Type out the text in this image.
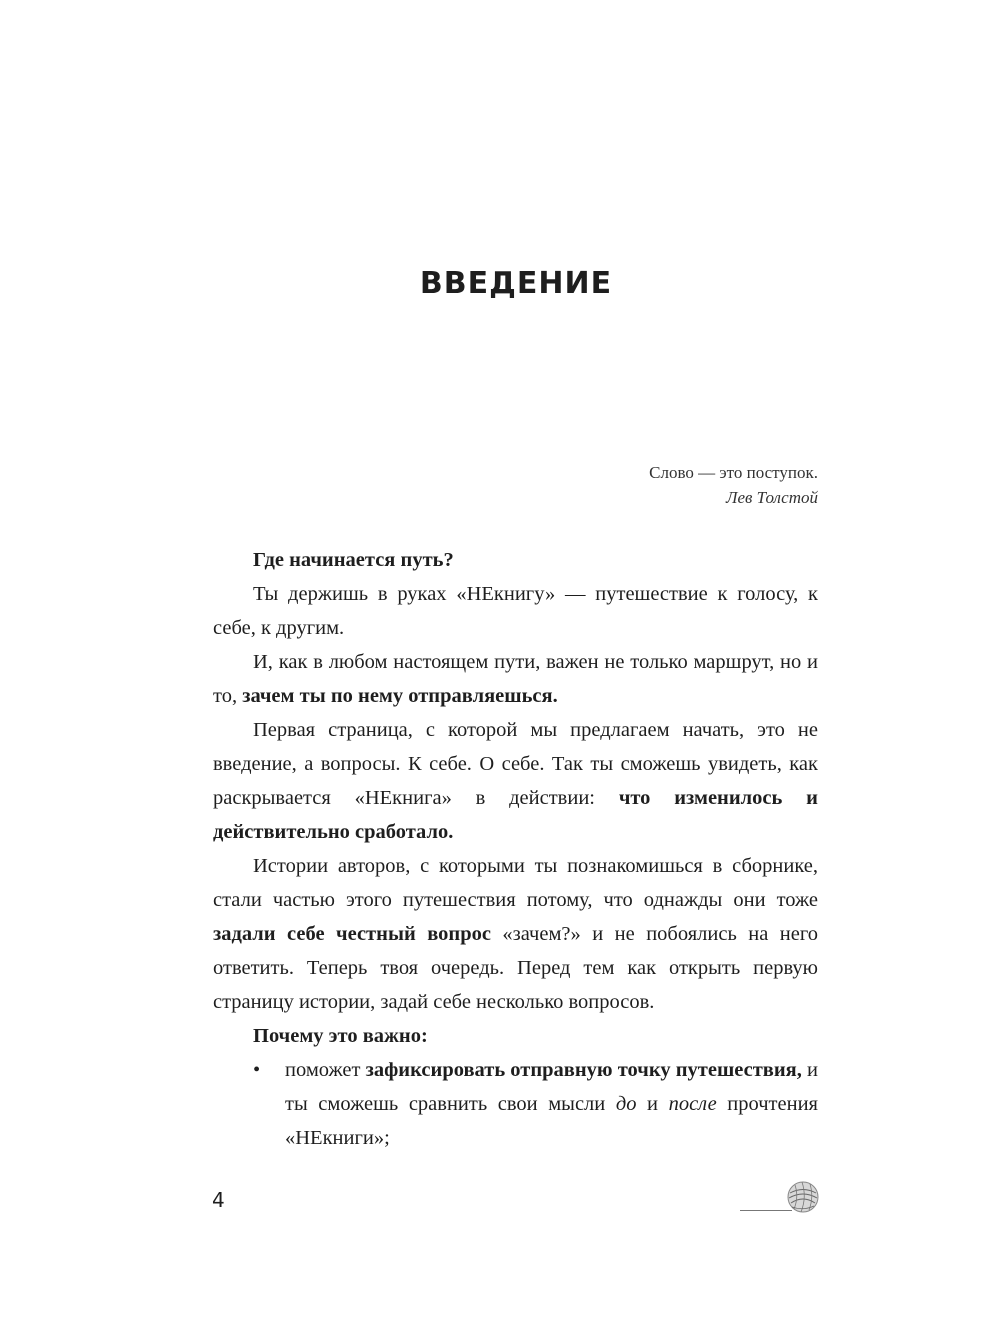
ВВЕДЕНИЕ
Слово — это поступок.
Лев Толстой

Где начинается путь?

Ты держишь в руках «НЕкнигу» — путешествие к голосу, к себе, к другим.

И, как в любом настоящем пути, важен не только маршрут, но и то, зачем ты по нему отправляешься.

Первая страница, с которой мы предлагаем начать, это не введение, а вопросы. К себе. О себе. Так ты сможешь увидеть, как раскрывается «НЕкнига» в действии: что изменилось и действительно сработало.

Истории авторов, с которыми ты познакомишься в сборнике, стали частью этого путешествия потому, что однажды они тоже задали себе честный вопрос «зачем?» и не побоялись на него ответить. Теперь твоя очередь. Перед тем как открыть первую страницу истории, задай себе несколько вопросов.

Почему это важно:

• поможет зафиксировать отправную точку путешествия, и ты сможешь сравнить свои мысли до и после прочтения «НЕкниги»;
4
